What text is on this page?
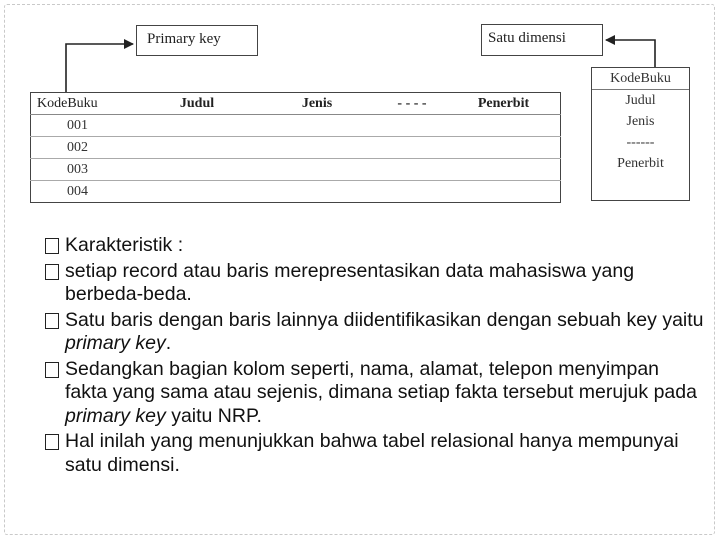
Primary key	Satu dimensi
KodeBuku	Judul	Jenis	- - - -	Penerbit
001
002
003
004
KodeBuku
Judul
Jenis
------
Penerbit
Karakteristik :
setiap record atau baris merepresentasikan data mahasiswa yang berbeda-beda.
Satu baris dengan baris lainnya diidentifikasikan dengan sebuah key yaitu primary key.
Sedangkan bagian kolom seperti, nama, alamat, telepon menyimpan fakta yang sama atau sejenis, dimana setiap fakta tersebut merujuk pada primary key yaitu NRP.
Hal inilah yang menunjukkan bahwa tabel relasional hanya mempunyai satu dimensi.
